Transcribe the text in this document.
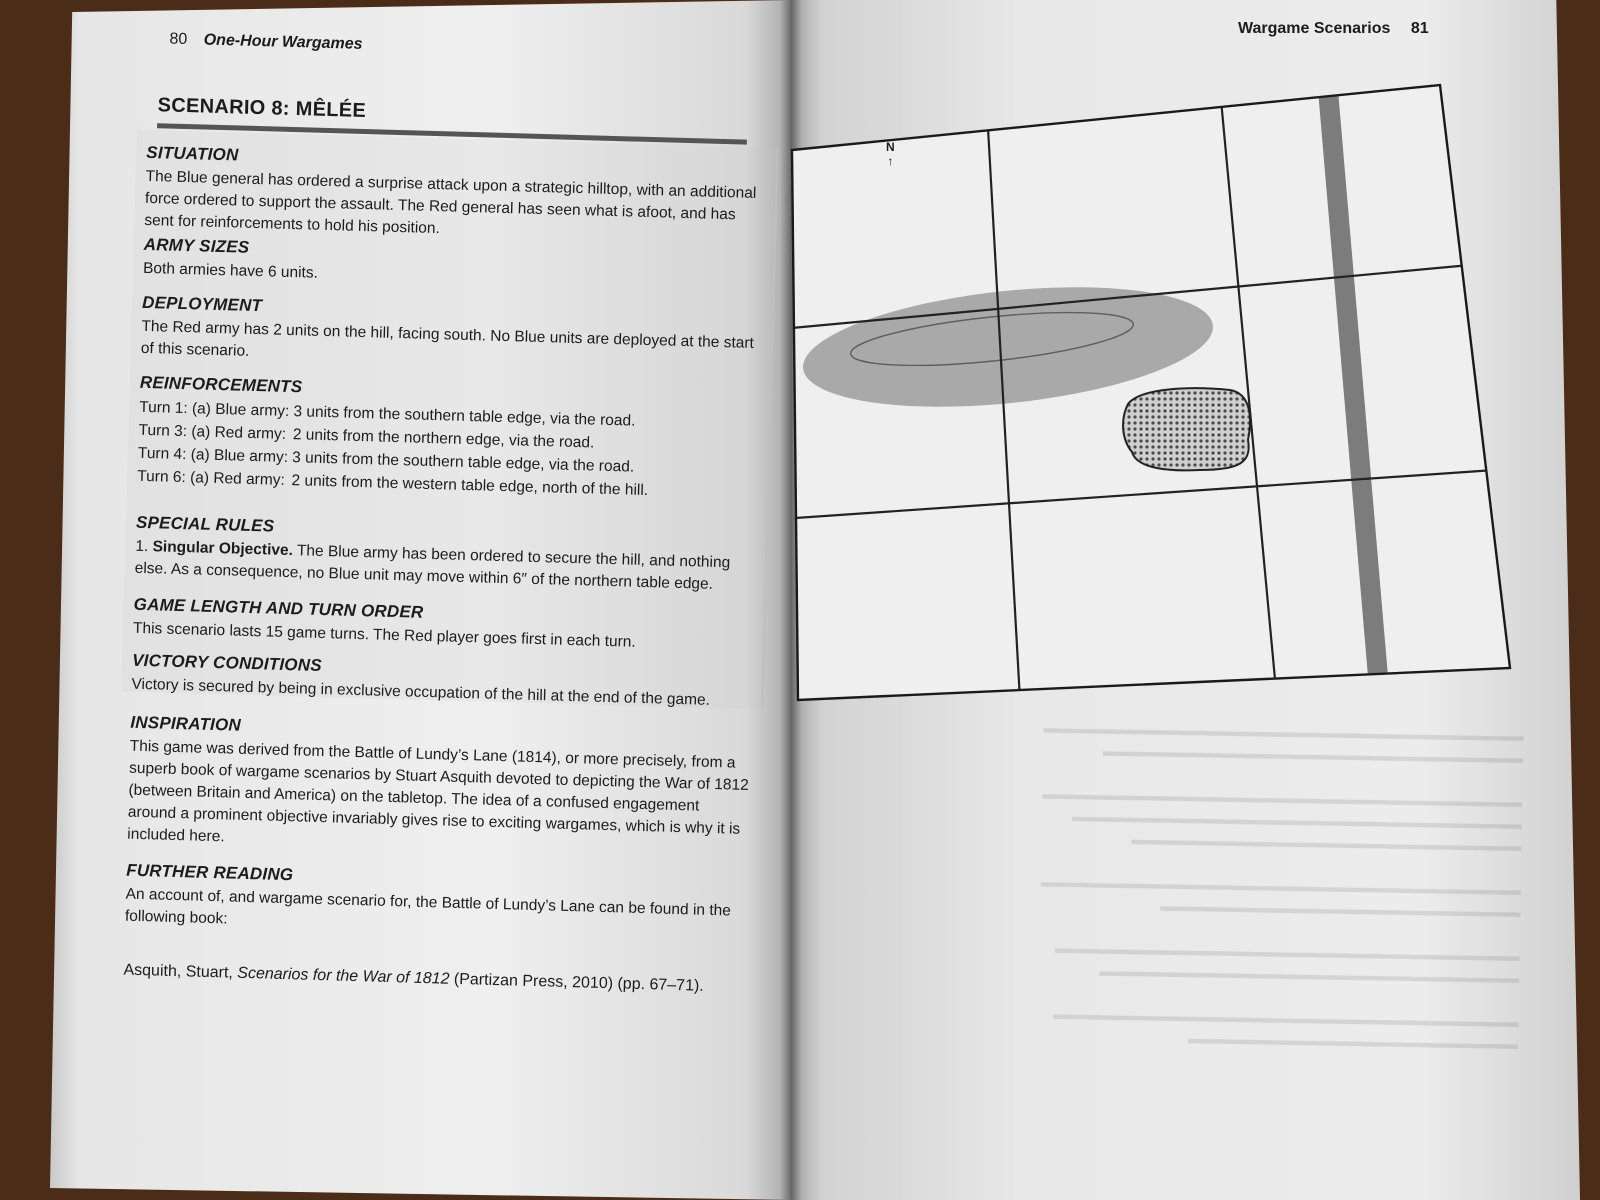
80 One-Hour Wargames
SCENARIO 8: MÊLÉE
SITUATION
The Blue general has ordered a surprise attack upon a strategic hilltop, with an additional force ordered to support the assault. The Red general has seen what is afoot, and has sent for reinforcements to hold his position.
ARMY SIZES
Both armies have 6 units.
DEPLOYMENT
The Red army has 2 units on the hill, facing south. No Blue units are deployed at the start of this scenario.
REINFORCEMENTS
Turn 1: (a) Blue army: 3 units from the southern table edge, via the road.
Turn 3: (a) Red army: 2 units from the northern edge, via the road.
Turn 4: (a) Blue army: 3 units from the southern table edge, via the road.
Turn 6: (a) Red army: 2 units from the western table edge, north of the hill.
SPECIAL RULES
1. Singular Objective. The Blue army has been ordered to secure the hill, and nothing else. As a consequence, no Blue unit may move within 6″ of the northern table edge.
GAME LENGTH AND TURN ORDER
This scenario lasts 15 game turns. The Red player goes first in each turn.
VICTORY CONDITIONS
Victory is secured by being in exclusive occupation of the hill at the end of the game.
INSPIRATION
This game was derived from the Battle of Lundy’s Lane (1814), or more precisely, from a superb book of wargame scenarios by Stuart Asquith devoted to depicting the War of 1812 (between Britain and America) on the tabletop. The idea of a confused engagement around a prominent objective invariably gives rise to exciting wargames, which is why it is included here.
FURTHER READING
An account of, and wargame scenario for, the Battle of Lundy’s Lane can be found in the following book:
Asquith, Stuart, Scenarios for the War of 1812 (Partizan Press, 2010) (pp. 67–71).
▬▬▬▬▬▬▬▬▬▬▬▬▬▬▬▬▬▬▬▬▬▬▬▬▬▬▬▬▬▬▬▬
▬▬▬▬▬▬▬▬▬▬▬▬▬▬▬▬▬▬▬▬▬▬▬▬▬▬▬▬

▬▬▬▬▬▬▬▬▬▬▬▬▬▬▬▬▬▬▬▬▬▬▬▬▬▬▬▬▬▬▬▬
▬▬▬▬▬▬▬▬▬▬▬▬▬▬▬▬▬▬▬▬▬▬▬▬▬▬▬▬▬▬
▬▬▬▬▬▬▬▬▬▬▬▬▬▬▬▬▬▬▬▬▬▬▬▬▬▬

▬▬▬▬▬▬▬▬▬▬▬▬▬▬▬▬▬▬▬▬▬▬▬▬▬▬▬▬▬▬▬▬
▬▬▬▬▬▬▬▬▬▬▬▬▬▬▬▬▬▬▬▬▬▬▬▬

▬▬▬▬▬▬▬▬▬▬▬▬▬▬▬▬▬▬▬▬▬▬▬▬▬▬▬▬▬▬▬
▬▬▬▬▬▬▬▬▬▬▬▬▬▬▬▬▬▬▬▬▬▬▬▬▬▬▬▬

▬▬▬▬▬▬▬▬▬▬▬▬▬▬▬▬▬▬▬▬▬▬▬▬▬▬▬▬▬▬▬
▬▬▬▬▬▬▬▬▬▬▬▬▬▬▬▬▬▬▬▬▬▬
Wargame Scenarios 81
N
↑
